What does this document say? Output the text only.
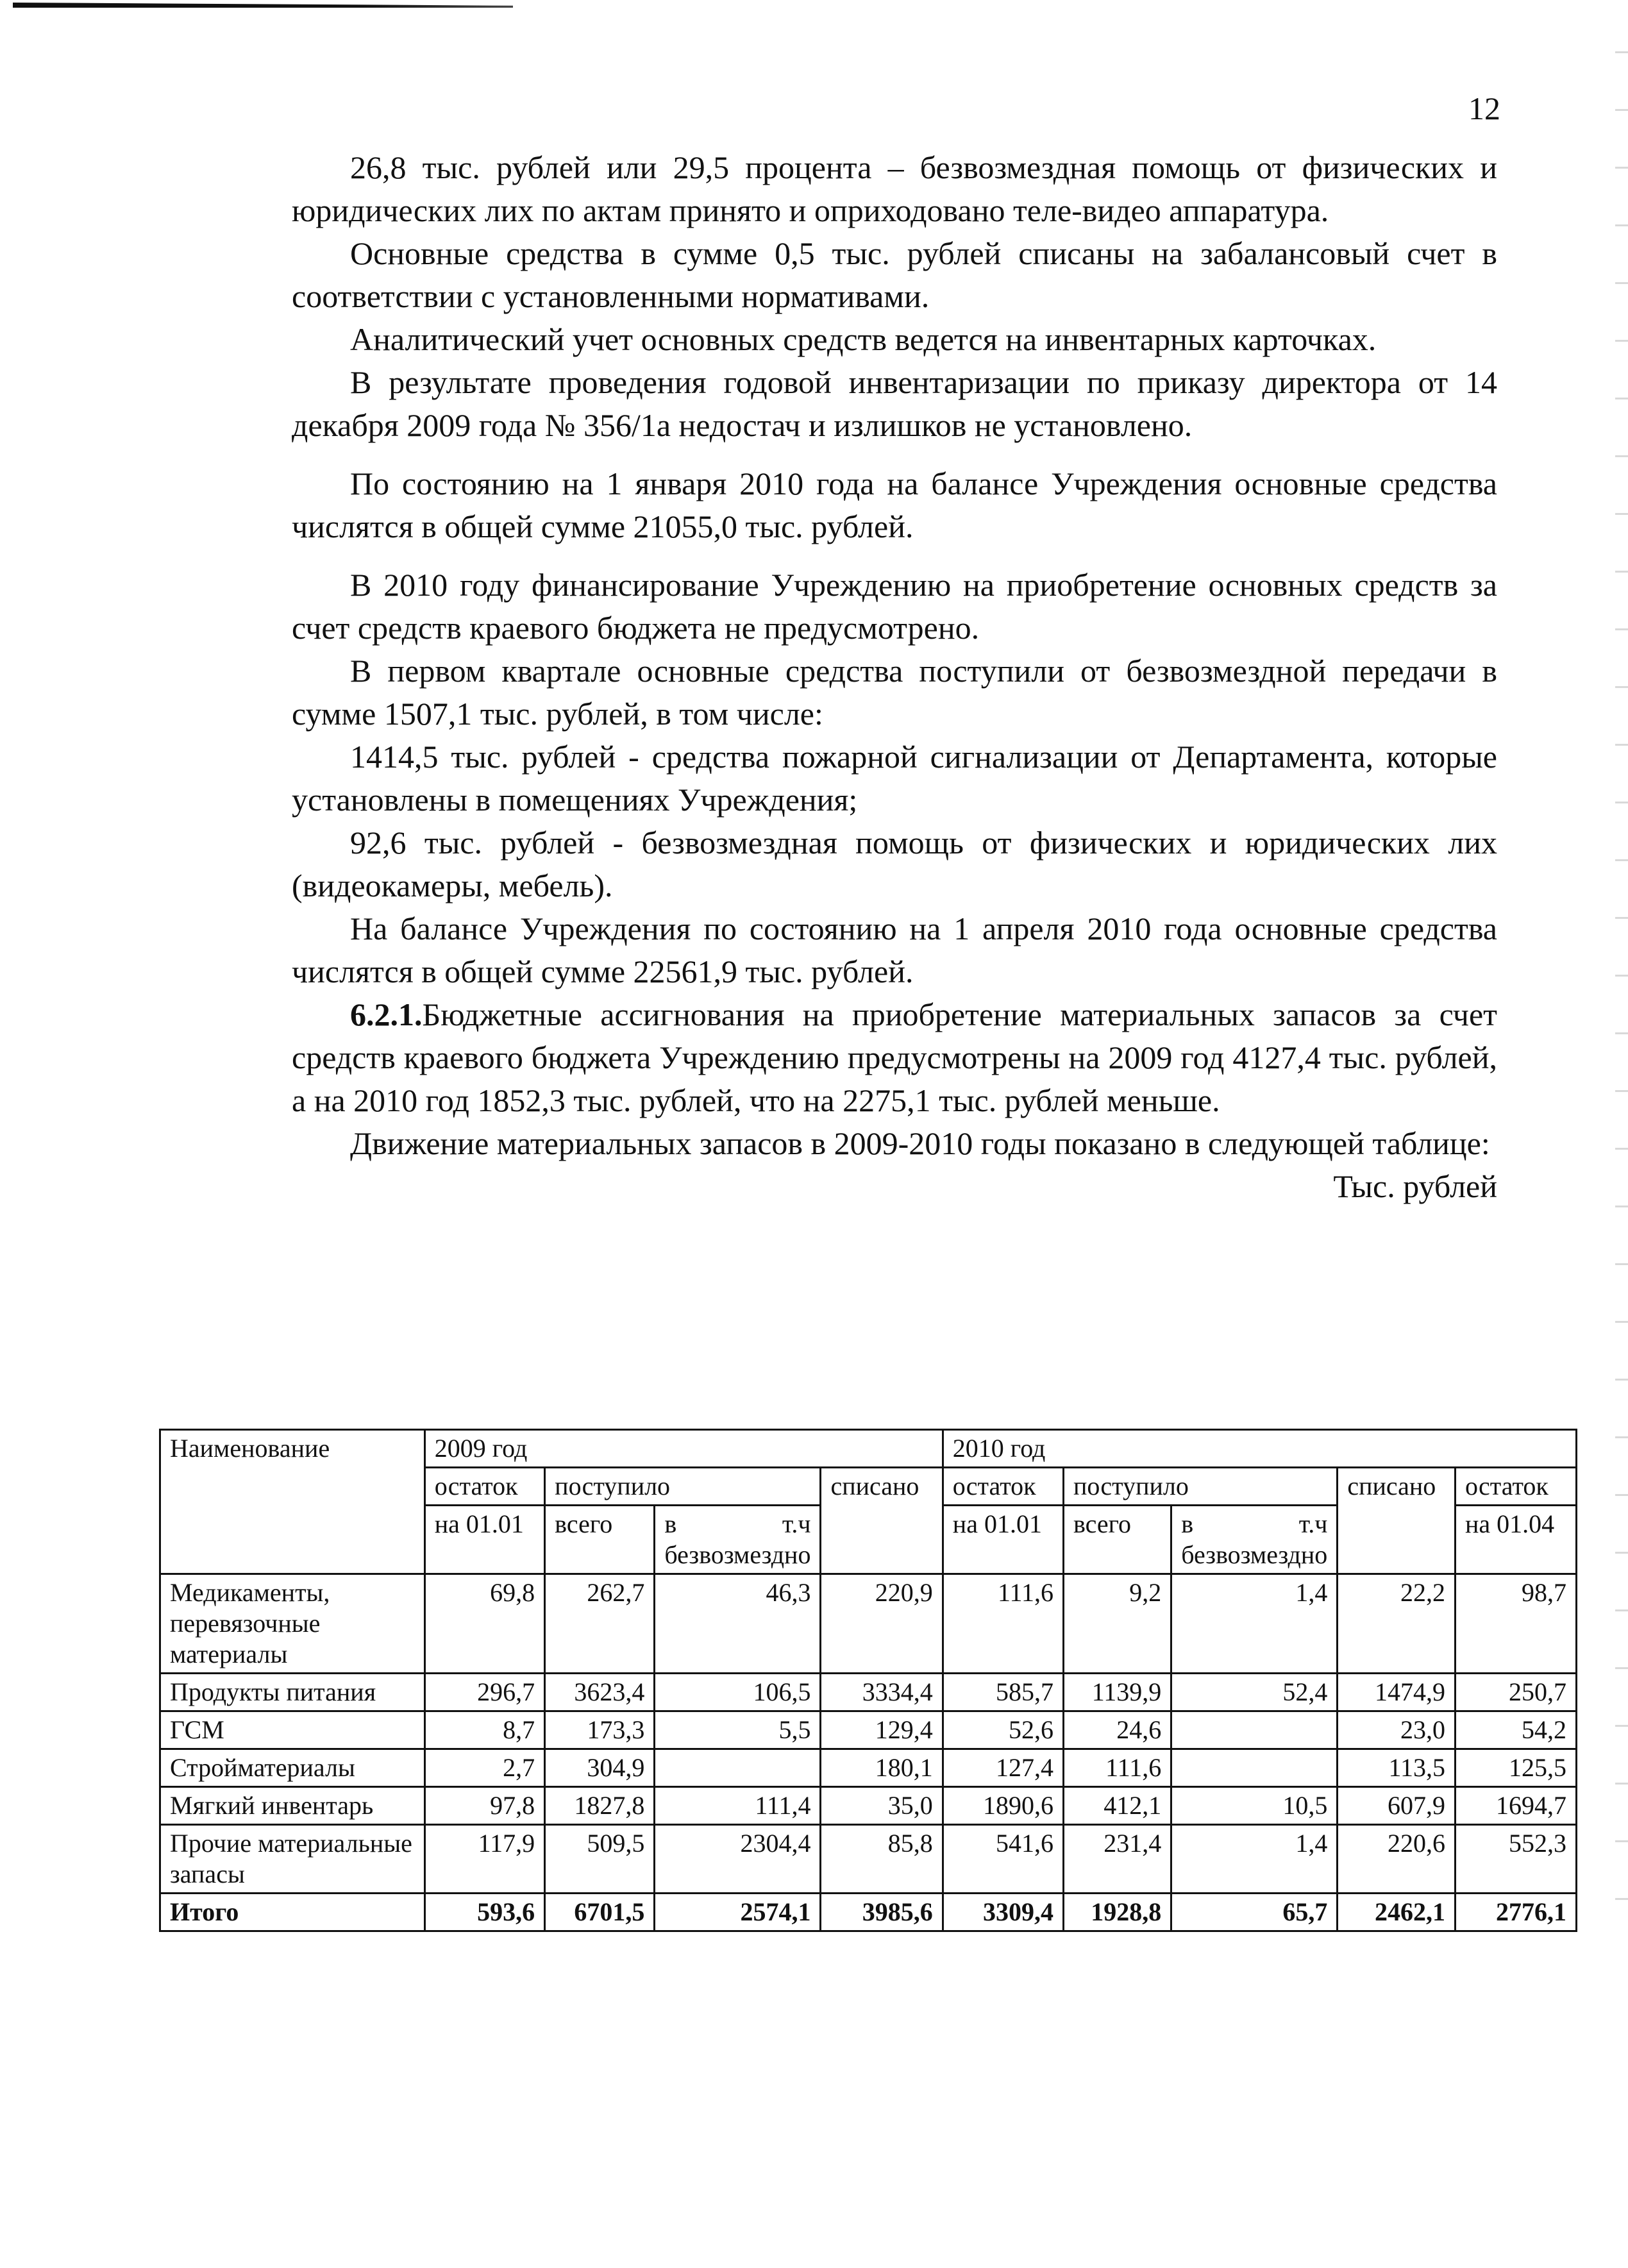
12

26,8 тыс. рублей или 29,5 процента – безвозмездная помощь от физических и юридических лих по актам принято и оприходовано теле-видео аппаратура.

Основные средства в сумме 0,5 тыс. рублей списаны на забалансовый счет в соответствии с установленными нормативами.

Аналитический учет основных средств ведется на инвентарных карточках.

В результате проведения годовой инвентаризации по приказу директора от 14 декабря 2009 года № 356/1а недостач и излишков не установлено.

По состоянию на 1 января 2010 года на балансе Учреждения основные средства числятся в общей сумме 21055,0 тыс. рублей.

В 2010 году финансирование Учреждению на приобретение основных средств за счет средств краевого бюджета не предусмотрено.

В первом квартале основные средства поступили от безвозмездной передачи в сумме 1507,1 тыс. рублей, в том числе:

1414,5 тыс. рублей - средства пожарной сигнализации от Департамента, которые установлены в помещениях Учреждения;

92,6 тыс. рублей - безвозмездная помощь от физических и юридических лих (видеокамеры, мебель).

На балансе Учреждения по состоянию на 1 апреля 2010 года основные средства числятся в общей сумме 22561,9 тыс. рублей.

6.2.1.Бюджетные ассигнования на приобретение материальных запасов за счет средств краевого бюджета Учреждению предусмотрены на 2009 год 4127,4 тыс. рублей, а на 2010 год 1852,3 тыс. рублей, что на 2275,1 тыс. рублей меньше.

Движение материальных запасов в 2009-2010 годы показано в следующей таблице:

Тыс. рублей

Наименование	2009 год				2010 год				
	остаток	поступило		списано	остаток	поступило		списано	остаток
	на 01.01	всего	в т.ч
безвозмездно		на 01.01	всего	в т.ч
безвозмездно		на 01.04
Медикаменты, перевязочные материалы	69,8	262,7	46,3	220,9	111,6	9,2	1,4	22,2	98,7
Продукты питания	296,7	3623,4	106,5	3334,4	585,7	1139,9	52,4	1474,9	250,7
ГСМ	8,7	173,3	5,5	129,4	52,6	24,6		23,0	54,2
Стройматериалы	2,7	304,9		180,1	127,4	111,6		113,5	125,5
Мягкий инвентарь	97,8	1827,8	111,4	35,0	1890,6	412,1	10,5	607,9	1694,7
Прочие материальные запасы	117,9	509,5	2304,4	85,8	541,6	231,4	1,4	220,6	552,3
Итого	593,6	6701,5	2574,1	3985,6	3309,4	1928,8	65,7	2462,1	2776,1
